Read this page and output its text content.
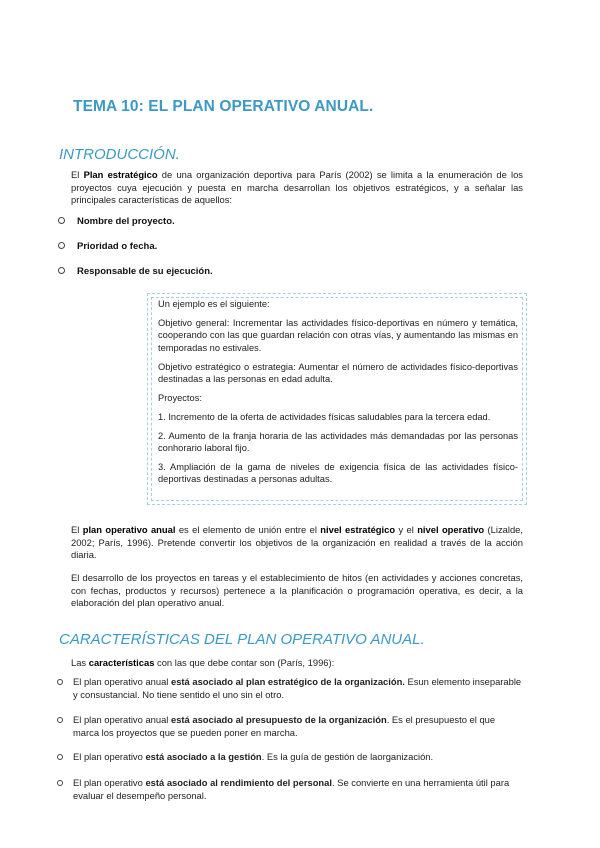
TEMA 10: EL PLAN OPERATIVO ANUAL.
INTRODUCCIÓN.
El Plan estratégico de una organización deportiva para París (2002) se limita a la enumeración de los proyectos cuya ejecución y puesta en marcha desarrollan los objetivos estratégicos, y a señalar las principales características de aquellos:
Nombre del proyecto.
Prioridad o fecha.
Responsable de su ejecución.

Un ejemplo es el siguiente:

Objetivo general: Incrementar las actividades físico-deportivas en número y temática, cooperando con las que guardan relación con otras vías, y aumentando las mismas en temporadas no estivales.

Objetivo estratégico o estrategia: Aumentar el número de actividades físico-deportivas destinadas a las personas en edad adulta.

Proyectos:

1. Incremento de la oferta de actividades físicas saludables para la tercera edad.

2. Aumento de la franja horaria de las actividades más demandadas por las personas conhorario laboral fijo.

3. Ampliación de la gama de niveles de exigencia física de las actividades físico-deportivas destinadas a personas adultas.

El plan operativo anual es el elemento de unión entre el nivel estratégico y el nivel operativo (Lizalde, 2002; París, 1996). Pretende convertir los objetivos de la organización en realidad a través de la acción diaria.
El desarrollo de los proyectos en tareas y el establecimiento de hitos (en actividades y acciones concretas, con fechas, productos y recursos) pertenece a la planificación o programación operativa, es decir, a la elaboración del plan operativo anual.
CARACTERÍSTICAS DEL PLAN OPERATIVO ANUAL.
Las características con las que debe contar son (París, 1996):
El plan operativo anual está asociado al plan estratégico de la organización. Esun elemento inseparable y consustancial. No tiene sentido el uno sin el otro.
El plan operativo anual está asociado al presupuesto de la organización. Es el presupuesto el que marca los proyectos que se pueden poner en marcha.
El plan operativo está asociado a la gestión. Es la guía de gestión de laorganización.
El plan operativo está asociado al rendimiento del personal. Se convierte en una herramienta útil para evaluar el desempeño personal.
